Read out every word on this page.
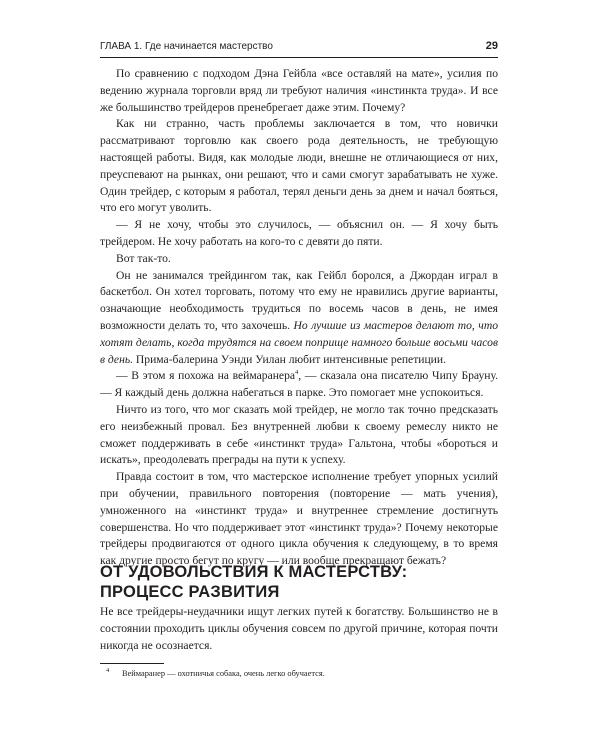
ГЛАВА 1. Где начинается мастерство	29

По сравнению с подходом Дэна Гейбла «все оставляй на мате», усилия по ведению журнала торговли вряд ли требуют наличия «инстинкта труда». И все же большинство трейдеров пренебрегает даже этим. Почему?

Как ни странно, часть проблемы заключается в том, что новички рассматривают торговлю как своего рода деятельность, не требующую настоящей работы. Видя, как молодые люди, внешне не отличающиеся от них, преуспевают на рынках, они решают, что и сами смогут зарабатывать не хуже. Один трейдер, с которым я работал, терял деньги день за днем и начал бояться, что его могут уволить.

— Я не хочу, чтобы это случилось, — объяснил он. — Я хочу быть трейдером. Не хочу работать на кого-то с девяти до пяти.

Вот так-то.

Он не занимался трейдингом так, как Гейбл боролся, а Джордан играл в баскетбол. Он хотел торговать, потому что ему не нравились другие варианты, означающие необходимость трудиться по восемь часов в день, не имея возможности делать то, что захочешь. Но лучшие из мастеров делают то, что хотят делать, когда трудятся на своем поприще намного больше восьми часов в день. Прима-балерина Уэнди Уилан любит интенсивные репетиции.

— В этом я похожа на веймаранера$^4$, — сказала она писателю Чипу Брауну. — Я каждый день должна набегаться в парке. Это помогает мне успокоиться.

Ничто из того, что мог сказать мой трейдер, не могло так точно предсказать его неизбежный провал. Без внутренней любви к своему ремеслу никто не сможет поддерживать в себе «инстинкт труда» Гальтона, чтобы «бороться и искать», преодолевать преграды на пути к успеху.

Правда состоит в том, что мастерское исполнение требует упорных усилий при обучении, правильного повторения (повторение — мать учения), умноженного на «инстинкт труда» и внутреннее стремление достигнуть совершенства. Но что поддерживает этот «инстинкт труда»? Почему некоторые трейдеры продвигаются от одного цикла обучения к следующему, в то время как другие просто бегут по кругу — или вообще прекращают бежать?

ОТ УДОВОЛЬСТВИЯ К МАСТЕРСТВУ:
ПРОЦЕСС РАЗВИТИЯ

Не все трейдеры-неудачники ищут легких путей к богатству. Большинство не в состоянии проходить циклы обучения совсем по другой причине, которая почти никогда не осознается.

$^4$ Веймаранер — охотничья собака, очень легко обучается.
